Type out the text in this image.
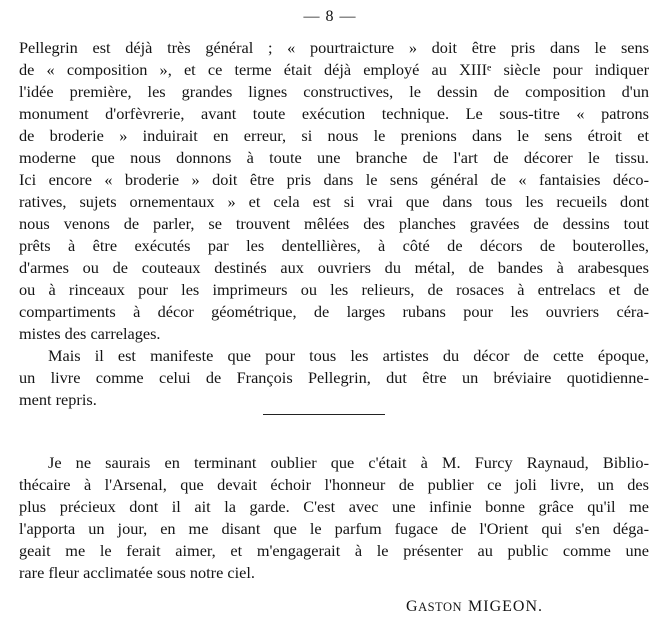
— 8 —
Pellegrin est déjà très général ; « pourtraicture » doit être pris dans le sens
de « composition », et ce terme était déjà employé au XIIIᵉ siècle pour indiquer
l'idée première, les grandes lignes constructives, le dessin de composition d'un
monument d'orfèvrerie, avant toute exécution technique. Le sous-titre « patrons
de broderie » induirait en erreur, si nous le prenions dans le sens étroit et
moderne que nous donnons à toute une branche de l'art de décorer le tissu.
Ici encore « broderie » doit être pris dans le sens général de « fantaisies déco-
ratives, sujets ornementaux » et cela est si vrai que dans tous les recueils dont
nous venons de parler, se trouvent mêlées des planches gravées de dessins tout
prêts à être exécutés par les dentellières, à côté de décors de bouterolles,
d'armes ou de couteaux destinés aux ouvriers du métal, de bandes à arabesques
ou à rinceaux pour les imprimeurs ou les relieurs, de rosaces à entrelacs et de
compartiments à décor géométrique, de larges rubans pour les ouvriers céra-
mistes des carrelages.
Mais il est manifeste que pour tous les artistes du décor de cette époque,
un livre comme celui de François Pellegrin, dut être un bréviaire quotidienne-
ment repris.
Je ne saurais en terminant oublier que c'était à M. Furcy Raynaud, Biblio-
thécaire à l'Arsenal, que devait échoir l'honneur de publier ce joli livre, un des
plus précieux dont il ait la garde. C'est avec une infinie bonne grâce qu'il me
l'apporta un jour, en me disant que le parfum fugace de l'Orient qui s'en déga-
geait me le ferait aimer, et m'engagerait à le présenter au public comme une
rare fleur acclimatée sous notre ciel.
GASTON MIGEON.
